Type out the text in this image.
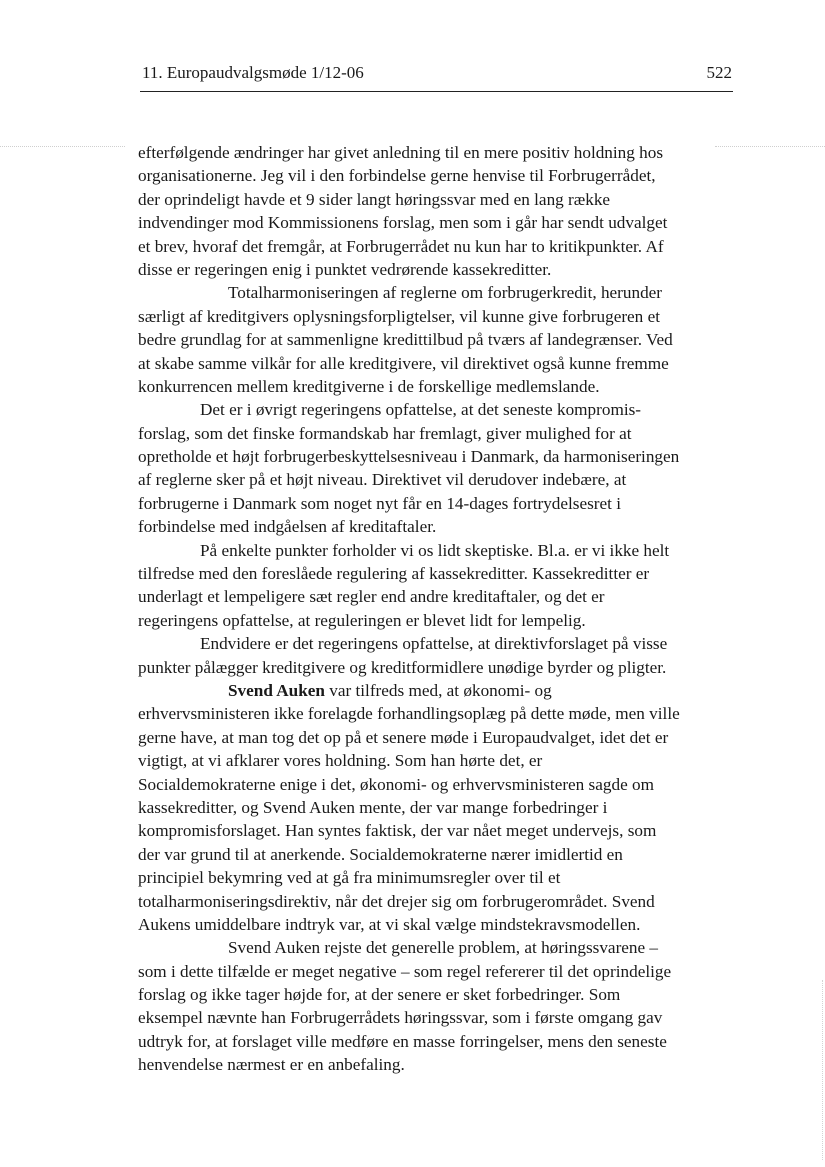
11. Europaudvalgsmøde 1/12-06	522
efterfølgende ændringer har givet anledning til en mere positiv holdning hos
organisationerne. Jeg vil i den forbindelse gerne henvise til Forbrugerrådet,
der oprindeligt havde et 9 sider langt høringssvar med en lang række
indvendinger mod Kommissionens forslag, men som i går har sendt udvalget
et brev, hvoraf det fremgår, at Forbrugerrådet nu kun har to kritikpunkter. Af
disse er regeringen enig i punktet vedrørende kassekreditter.
Totalharmoniseringen af reglerne om forbrugerkredit, herunder
særligt af kreditgivers oplysningsforpligtelser, vil kunne give forbrugeren et
bedre grundlag for at sammenligne kredittilbud på tværs af landegrænser. Ved
at skabe samme vilkår for alle kreditgivere, vil direktivet også kunne fremme
konkurrencen mellem kreditgiverne i de forskellige medlemslande.
Det er i øvrigt regeringens opfattelse, at det seneste kompromis-
forslag, som det finske formandskab har fremlagt, giver mulighed for at
opretholde et højt forbrugerbeskyttelsesniveau i Danmark, da harmoniseringen
af reglerne sker på et højt niveau. Direktivet vil derudover indebære, at
forbrugerne i Danmark som noget nyt får en 14-dages fortrydelsesret i
forbindelse med indgåelsen af kreditaftaler.
På enkelte punkter forholder vi os lidt skeptiske. Bl.a. er vi ikke helt
tilfredse med den foreslåede regulering af kassekreditter. Kassekreditter er
underlagt et lempeligere sæt regler end andre kreditaftaler, og det er
regeringens opfattelse, at reguleringen er blevet lidt for lempelig.
Endvidere er det regeringens opfattelse, at direktivforslaget på visse
punkter pålægger kreditgivere og kreditformidlere unødige byrder og pligter.
Svend Auken var tilfreds med, at økonomi- og
erhvervsministeren ikke forelagde forhandlingsoplæg på dette møde, men ville
gerne have, at man tog det op på et senere møde i Europaudvalget, idet det er
vigtigt, at vi afklarer vores holdning. Som han hørte det, er
Socialdemokraterne enige i det, økonomi- og erhvervsministeren sagde om
kassekreditter, og Svend Auken mente, der var mange forbedringer i
kompromisforslaget. Han syntes faktisk, der var nået meget undervejs, som
der var grund til at anerkende. Socialdemokraterne nærer imidlertid en
principiel bekymring ved at gå fra minimumsregler over til et
totalharmoniseringsdirektiv, når det drejer sig om forbrugerområdet. Svend
Aukens umiddelbare indtryk var, at vi skal vælge mindstekravsmodellen.
Svend Auken rejste det generelle problem, at høringssvarene –
som i dette tilfælde er meget negative – som regel refererer til det oprindelige
forslag og ikke tager højde for, at der senere er sket forbedringer. Som
eksempel nævnte han Forbrugerrådets høringssvar, som i første omgang gav
udtryk for, at forslaget ville medføre en masse forringelser, mens den seneste
henvendelse nærmest er en anbefaling.
